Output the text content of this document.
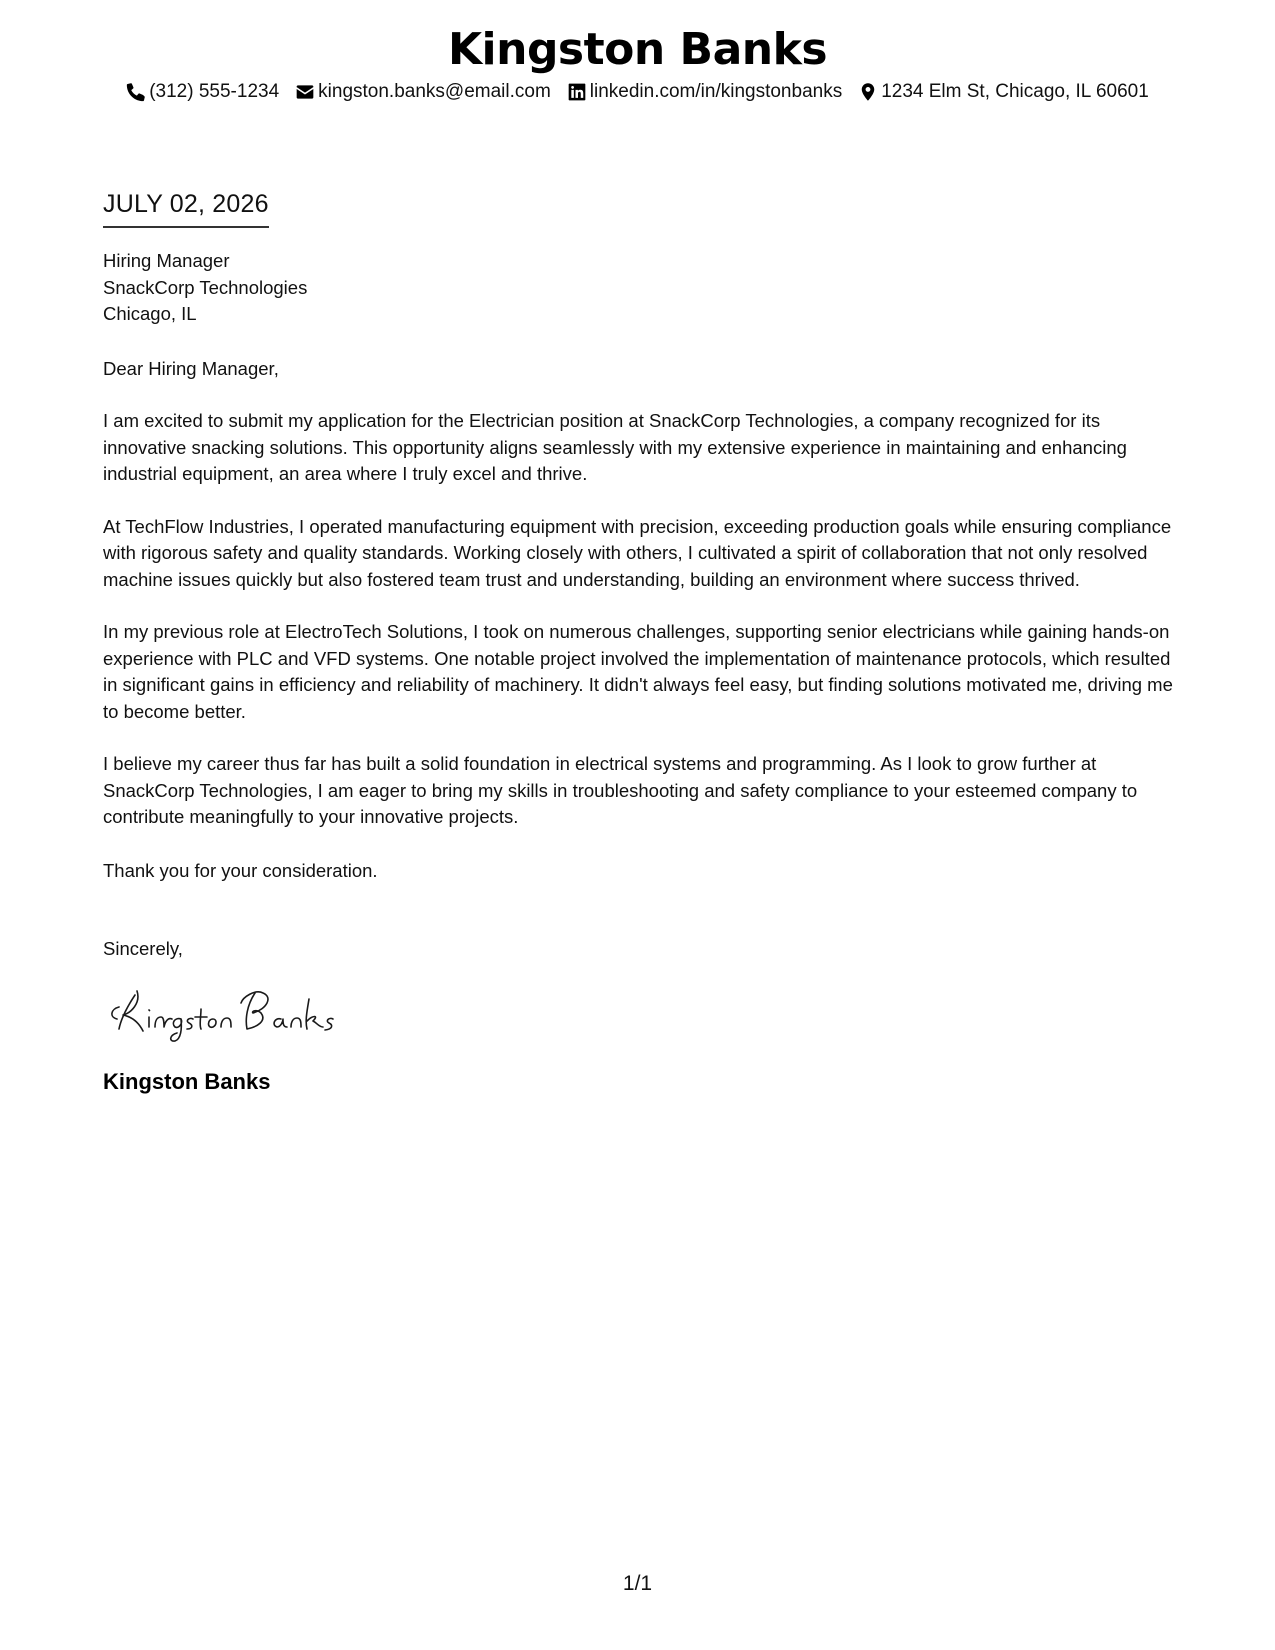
Kingston Banks
(312) 555-1234 kingston.banks@email.com linkedin.com/in/kingstonbanks 1234 Elm St, Chicago, IL 60601
JULY 02, 2026
Hiring Manager
SnackCorp Technologies
Chicago, IL
Dear Hiring Manager,

I am excited to submit my application for the Electrician position at SnackCorp Technologies, a company recognized for its innovative snacking solutions. This opportunity aligns seamlessly with my extensive experience in maintaining and enhancing industrial equipment, an area where I truly excel and thrive.

At TechFlow Industries, I operated manufacturing equipment with precision, exceeding production goals while ensuring compliance with rigorous safety and quality standards. Working closely with others, I cultivated a spirit of collaboration that not only resolved machine issues quickly but also fostered team trust and understanding, building an environment where success thrived.

In my previous role at ElectroTech Solutions, I took on numerous challenges, supporting senior electricians while gaining hands-on experience with PLC and VFD systems. One notable project involved the implementation of maintenance protocols, which resulted in significant gains in efficiency and reliability of machinery. It didn't always feel easy, but finding solutions motivated me, driving me to become better.

I believe my career thus far has built a solid foundation in electrical systems and programming. As I look to grow further at SnackCorp Technologies, I am eager to bring my skills in troubleshooting and safety compliance to your esteemed company to contribute meaningfully to your innovative projects.

Thank you for your consideration.
Sincerely,
Kingston Banks
1/1
